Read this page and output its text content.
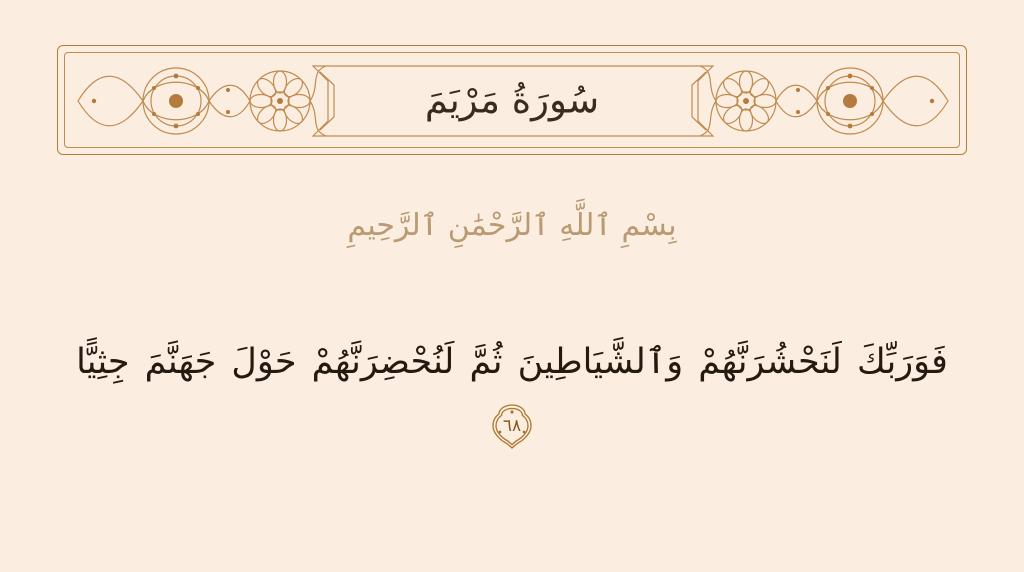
سُورَةُ مَرْيَمَ
بِسْمِ ٱللَّهِ ٱلرَّحْمَٰنِ ٱلرَّحِيمِ
فَوَرَبِّكَ لَنَحْشُرَنَّهُمْ وَٱلشَّيَاطِينَ ثُمَّ لَنُحْضِرَنَّهُمْ حَوْلَ جَهَنَّمَ جِثِيًّا
٦٨
